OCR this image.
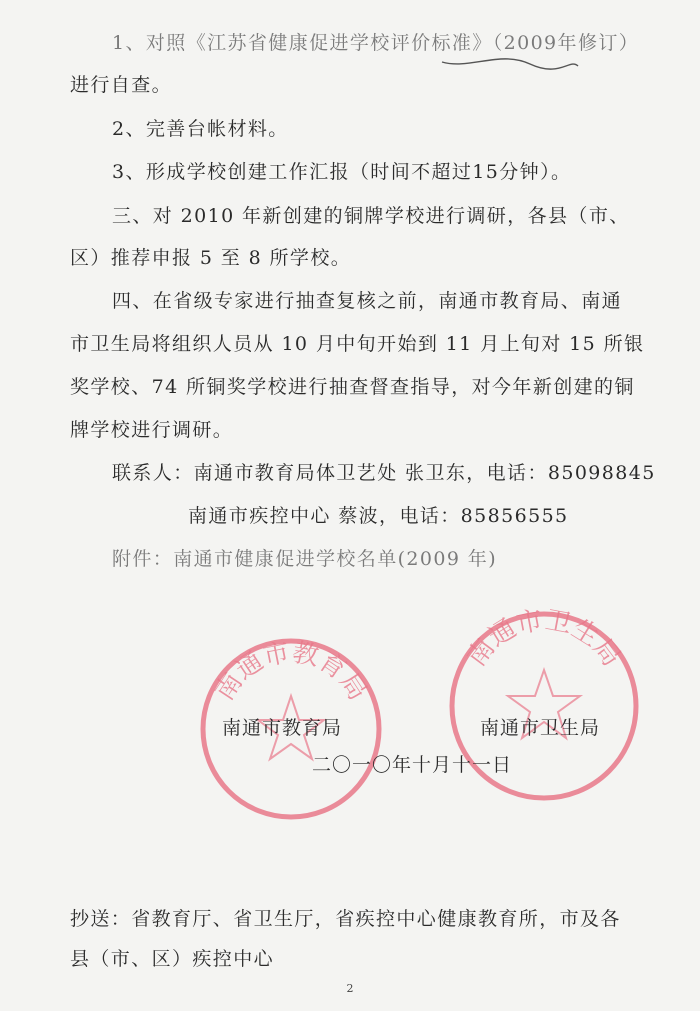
1、对照《江苏省健康促进学校评价标准》（2009年修订）
进行自查。
2、完善台帐材料。
3、形成学校创建工作汇报（时间不超过15分钟）。
三、对 2010 年新创建的铜牌学校进行调研，各县（市、
区）推荐申报 5 至 8 所学校。
四、在省级专家进行抽查复核之前，南通市教育局、南通
市卫生局将组织人员从 10 月中旬开始到 11 月上旬对 15 所银
奖学校、74 所铜奖学校进行抽查督查指导，对今年新创建的铜
牌学校进行调研。
联系人：南通市教育局体卫艺处 张卫东，电话：85098845
南通市疾控中心 蔡波，电话：85856555
附件：南通市健康促进学校名单(2009 年)
南通市教育局
南通市卫生局
南通市教育局	南通市卫生局
二〇一〇年十月十一日
抄送：省教育厅、省卫生厅，省疾控中心健康教育所，市及各
县（市、区）疾控中心
2
